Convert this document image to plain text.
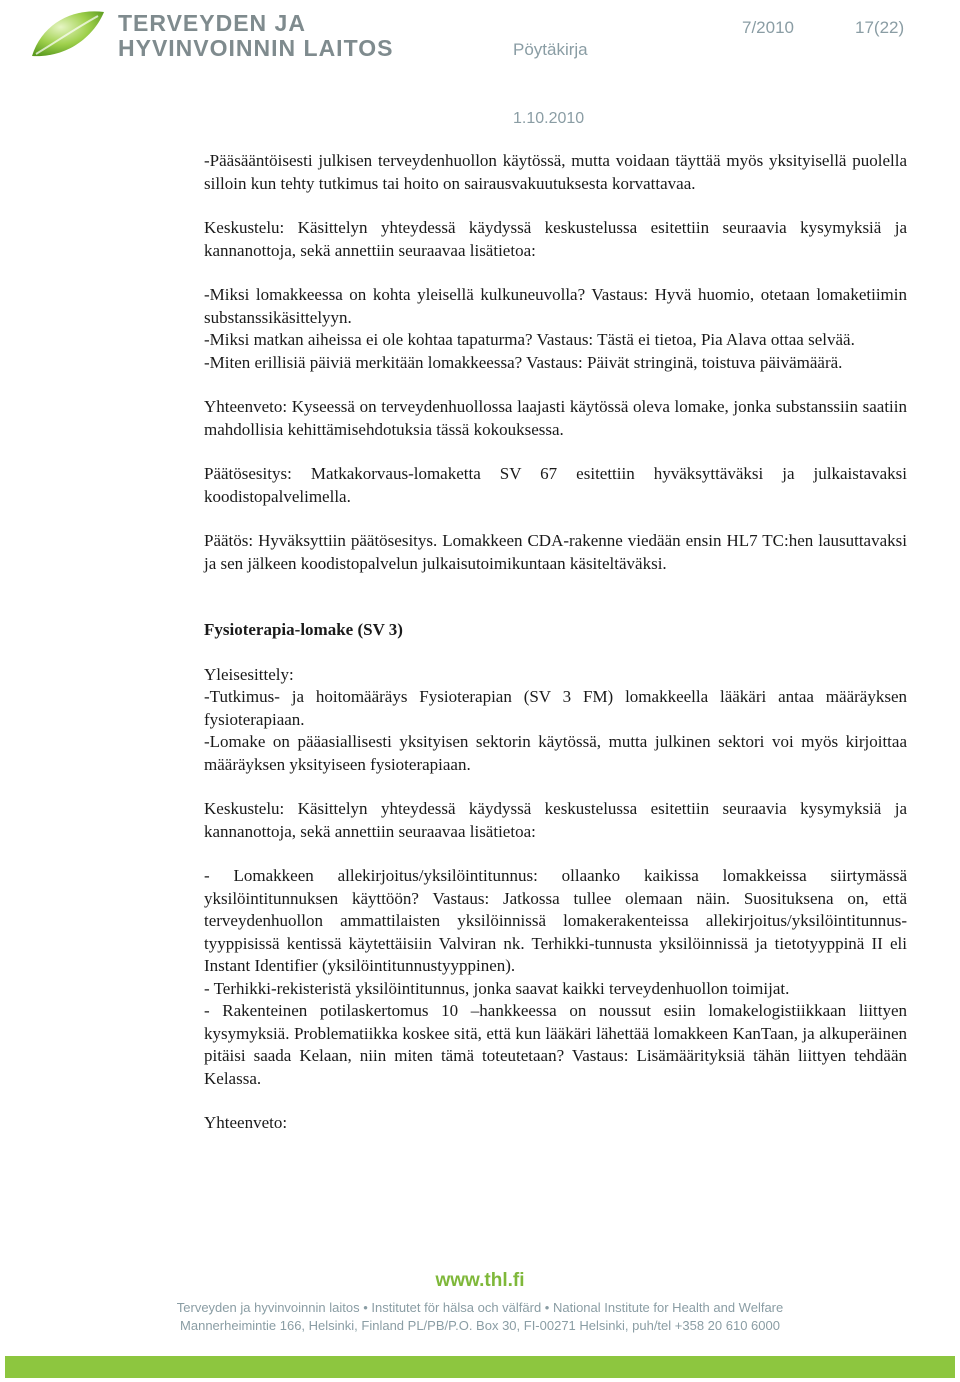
TERVEYDEN JA
HYVINVOINNIN LAITOS	Pöytäkirja
7/2010	17(22)
1.10.2010

-Pääsääntöisesti julkisen terveydenhuollon käytössä, mutta voidaan täyttää myös yksityisellä puolella silloin kun tehty tutkimus tai hoito on sairausvakuutuksesta korvattavaa.

Keskustelu: Käsittelyn yhteydessä käydyssä keskustelussa esitettiin seuraavia kysymyksiä ja kannanottoja, sekä annettiin seuraavaa lisätietoa:

-Miksi lomakkeessa on kohta yleisellä kulkuneuvolla? Vastaus: Hyvä huomio, otetaan lomaketiimin substanssikäsittelyyn.

-Miksi matkan aiheissa ei ole kohtaa tapaturma? Vastaus: Tästä ei tietoa, Pia Alava ottaa selvää.

-Miten erillisiä päiviä merkitään lomakkeessa? Vastaus: Päivät stringinä, toistuva päivämäärä.

Yhteenveto: Kyseessä on terveydenhuollossa laajasti käytössä oleva lomake, jonka substanssiin saatiin mahdollisia kehittämisehdotuksia tässä kokouksessa.

Päätösesitys: Matkakorvaus-lomaketta SV 67 esitettiin hyväksyttäväksi ja julkaistavaksi koodistopalvelimella.

Päätös: Hyväksyttiin päätösesitys. Lomakkeen CDA-rakenne viedään ensin HL7 TC:hen lausuttavaksi ja sen jälkeen koodistopalvelun julkaisutoimikuntaan käsiteltäväksi.

Fysioterapia-lomake (SV 3)

Yleisesittely:

-Tutkimus- ja hoitomääräys Fysioterapian (SV 3 FM) lomakkeella lääkäri antaa määräyksen fysioterapiaan.

-Lomake on pääasiallisesti yksityisen sektorin käytössä, mutta julkinen sektori voi myös kirjoittaa määräyksen yksityiseen fysioterapiaan.

Keskustelu: Käsittelyn yhteydessä käydyssä keskustelussa esitettiin seuraavia kysymyksiä ja kannanottoja, sekä annettiin seuraavaa lisätietoa:

- Lomakkeen allekirjoitus/yksilöintitunnus: ollaanko kaikissa lomakkeissa siirtymässä yksilöintitunnuksen käyttöön? Vastaus: Jatkossa tullee olemaan näin. Suosituksena on, että terveydenhuollon ammattilaisten yksilöinnissä lomakerakenteissa allekirjoitus/yksilöintitunnus-tyyppisissä kentissä käytettäisiin Valviran nk. Terhikki-tunnusta yksilöinnissä ja tietotyyppinä II eli Instant Identifier (yksilöintitunnustyyppinen).

- Terhikki-rekisteristä yksilöintitunnus, jonka saavat kaikki terveydenhuollon toimijat.

- Rakenteinen potilaskertomus 10 –hankkeessa on noussut esiin lomakelogistiikkaan liittyen kysymyksiä. Problematiikka koskee sitä, että kun lääkäri lähettää lomakkeen KanTaan, ja alkuperäinen pitäisi saada Kelaan, niin miten tämä toteutetaan? Vastaus: Lisämäärityksiä tähän liittyen tehdään Kelassa.

Yhteenveto:

www.thl.fi
Terveyden ja hyvinvoinnin laitos • Institutet för hälsa och välfärd • National Institute for Health and Welfare
Mannerheimintie 166, Helsinki, Finland PL/PB/P.O. Box 30, FI-00271 Helsinki, puh/tel +358 20 610 6000
